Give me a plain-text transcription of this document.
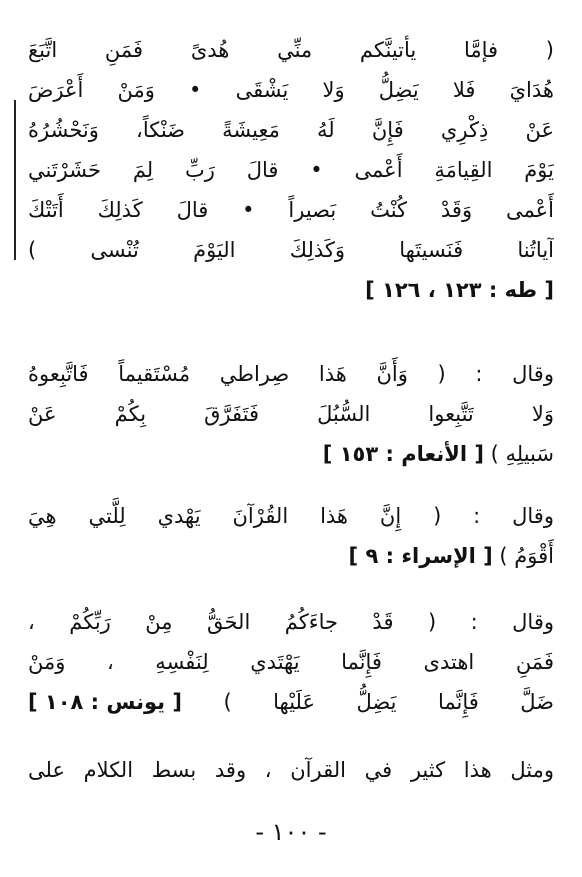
( فإمَّا يأتينَّكم منِّي هُدىً فَمَنِ اتَّبَعَ
هُدَايَ فَلا يَضِلُّ وَلا يَشْقَى • وَمَنْ أَعْرَضَ
عَنْ ذِكْرِي فَإِنَّ لَهُ مَعِيشَةً ضَنْكاً، وَنَحْشُرُهُ
يَوْمَ القِيامَةِ أَعْمى • قالَ رَبِّ لِمَ حَشَرْتَني
أَعْمى وَقَدْ كُنْتُ بَصيراً • قالَ كَذلِكَ أَتَتْكَ
آياتُنا فَنَسيتَها وَكَذلِكَ اليَوْمَ تُنْسى )
[ طه : ١٢٣ ، ١٢٦ ]
وقال : ( وَأَنَّ هَذا صِراطي مُسْتَقيماً فَاتَّبِعوهُ
وَلا تَتَّبِعوا السُّبُلَ فَتَفَرَّقَ بِكُمْ عَنْ
سَبيلِهِ ) [ الأنعام : ١٥٣ ]
وقال : ( إِنَّ هَذا القُرْآنَ يَهْدي لِلَّتي هِيَ
أَقْوَمُ ) [ الإسراء : ٩ ]
وقال : ( قَدْ جاءَكُمُ الحَقُّ مِنْ رَبِّكُمْ ،
فَمَنِ اهتدى فَإِنَّما يَهْتَدي لِنَفْسِهِ ، وَمَنْ
ضَلَّ فَإِنَّما يَضِلُّ عَلَيْها ) [ يونس : ١٠٨ ]
ومثل هذا كثير في القرآن ، وقد بسط الكلام على
- ١٠٠ -
